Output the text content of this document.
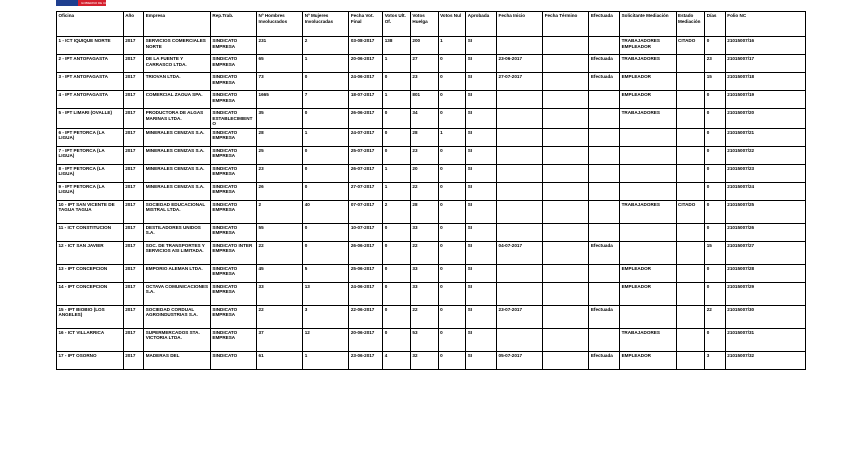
GOBIERNO DE CHILE
Oficina	Año	Empresa	Rep.Trab.	Nº Hombres Involucrados	Nº Mujeres Involucradas	Fecha Vot. Final	Votos Ult. Of.	Votos Huelga	Votos Nul	Aprobada	Fecha Inicio	Fecha Término	Efectuada	Solicitante Mediación	Estado Mediación	Días	Folio NC
1 - ICT IQUIQUE NORTE	2017	SERVICIOS COMERCIALES NORTE	SINDICATO EMPRESA	231	2	03-08-2017	138	200	1	SI				TRABAJADORES EMPLEADOR	CITADO	0	21015007/16
2 - IPT ANTOFAGASTA	2017	DE LA FUENTE Y CARRASCO LTDA.	SINDICATO EMPRESA	65	1	20-06-2017	1	27	0	SI	23-06-2017		Efectuada	TRABAJADORES		23	21015007/17
3 - IPT ANTOFAGASTA	2017	TRIOVAN LTDA.	SINDICATO EMPRESA	73	0	24-06-2017	0	23	0	SI	27-07-2017		Efectuada	EMPLEADOR		15	21015007/18
4 - IPT ANTOFAGASTA	2017	COMERCIAL ZAOUA SPA.	SINDICATO EMPRESA	1665	7	18-07-2017	1	801	0	SI				EMPLEADOR		0	21015007/19
5 - IPT LIMARI (OVALLE)	2017	PRODUCTORA DE ALGAS MARINAS LTDA.	SINDICATO ESTABLECIMIENTO	35	0	26-06-2017	0	34	0	SI				TRABAJADORES		0	21015007/20
6 - IPT PETORCA (LA LIGUA)	2017	MINERALES CENIZAS S.A.	SINDICATO EMPRESA	28	1	24-07-2017	0	28	1	SI						0	21015007/21
7 - IPT PETORCA (LA LIGUA)	2017	MINERALES CENIZAS S.A.	SINDICATO EMPRESA	25	0	25-07-2017	0	23	0	SI						0	21015007/22
8 - IPT PETORCA (LA LIGUA)	2017	MINERALES CENIZAS S.A.	SINDICATO EMPRESA	23	0	26-07-2017	1	20	0	SI						0	21015007/23
9 - IPT PETORCA (LA LIGUA)	2017	MINERALES CENIZAS S.A.	SINDICATO EMPRESA	26	0	27-07-2017	1	22	0	SI						0	21015007/24
10 - IPT SAN VICENTE DE TAGUA TAGUA	2017	SOCIEDAD EDUCACIONAL MISTRAL LTDA.	SINDICATO EMPRESA	2	40	07-07-2017	2	28	0	SI				TRABAJADORES	CITADO	0	21015007/25
11 - ICT CONSTITUCION	2017	DESTILADORES UNIDOS S.A.	SINDICATO EMPRESA	55	0	10-07-2017	0	33	0	SI						0	21015007/26
12 - ICT SAN JAVIER	2017	SOC. DE TRANSPORTES Y SERVICIOS ASI LIMITADA.	SINDICATO INTER EMPRESA	22	0	26-06-2017	0	22	0	SI	04-07-2017		Efectuada			15	21015007/27
13 - IPT CONCEPCION	2017	EMPORIO ALEMAN LTDA.	SINDICATO EMPRESA	45	5	25-06-2017	0	33	0	SI				EMPLEADOR		0	21015007/28
14 - IPT CONCEPCION	2017	OCTAVA COMUNICACIONES S.A.	SINDICATO EMPRESA	33	13	24-06-2017	0	33	0	SI				EMPLEADOR		0	21015007/29
15 - IPT BIOBIO (LOS ANGELES)	2017	SOCIEDAD CORDUAL AGROINDUSTRIAS S.A.	SINDICATO EMPRESA	22	3	22-06-2017	0	22	0	SI	23-07-2017		Efectuada			22	21015007/30
16 - ICT VILLARRICA	2017	SUPERMERCADOS STA. VICTORIA LTDA.	SINDICATO EMPRESA	37	12	20-06-2017	0	53	0	SI				TRABAJADORES		0	21015007/31
17 - IPT OSORNO	2017	MADERAS DEL	SINDICATO	61	1	23-06-2017	4	32	0	SI	05-07-2017		Efectuada	EMPLEADOR		3	21015007/32
